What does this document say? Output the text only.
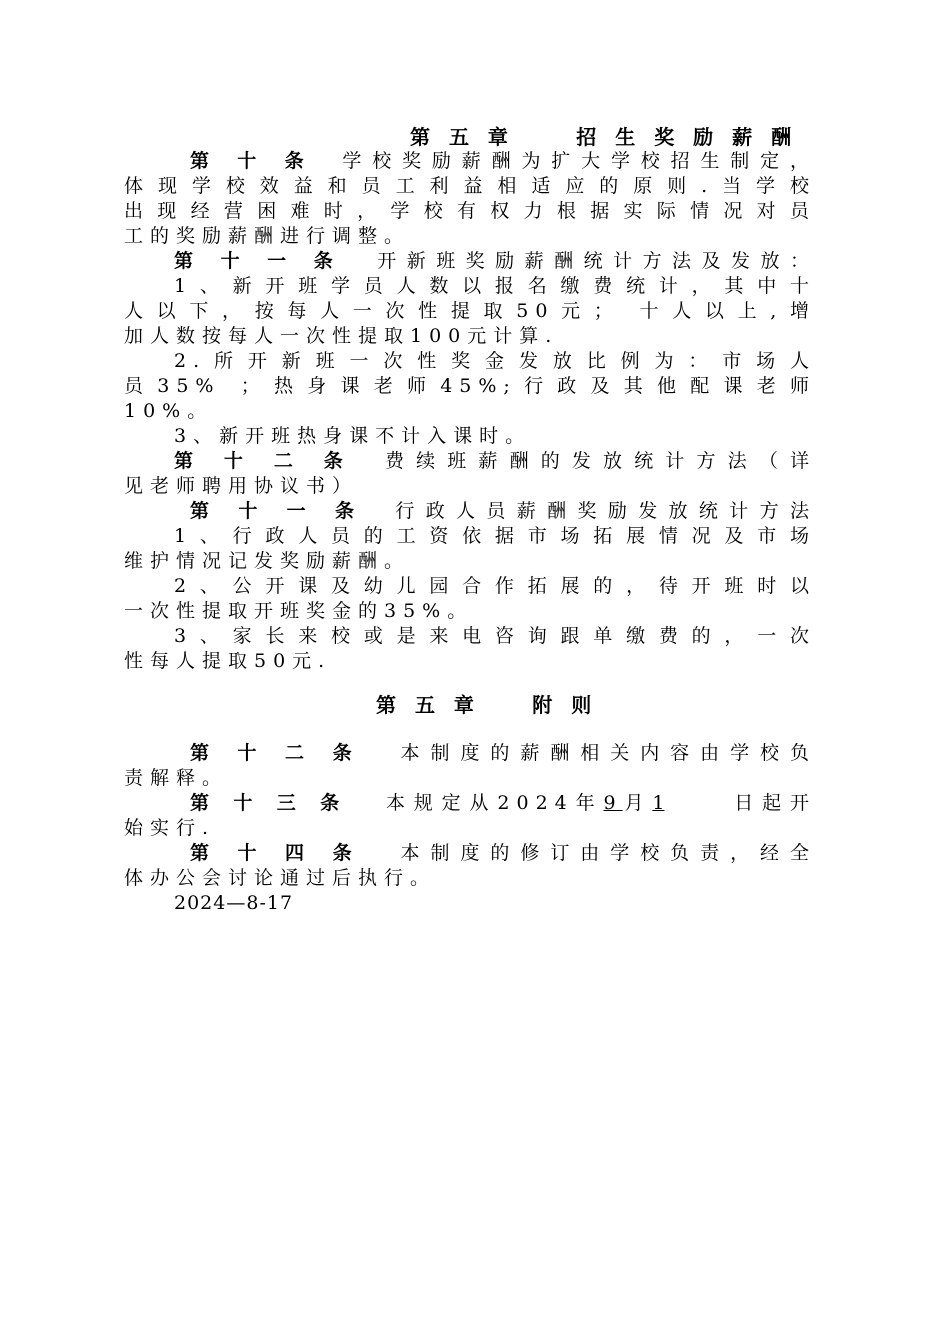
第 五 章	招 生 奖 励 薪 酬
第 十 条 学校奖励薪酬为扩大学校招生制定，
体现学校效益和员工利益相适应的原则.当学校
出现经营困难时，学校有权力根据实际情况对员
工的奖励薪酬进行调整。
第 十 一 条 开新班奖励薪酬统计方法及发放：
1、新开班学员人数以报名缴费统计，其中十
人以下，按每人一次性提取50元； 十人以上,增
加人数按每人一次性提取100元计算.
2.所开新班一次性奖金发放比例为：市场人
员35% ；热身课老师45%;行政及其他配课老师
10%。
3、新开班热身课不计入课时。
第 十 二 条 费续班薪酬的发放统计方法（详
见老师聘用协议书）
第 十 一 条 行政人员薪酬奖励发放统计方法
1、行政人员的工资依据市场拓展情况及市场
维护情况记发奖励薪酬。
2、公开课及幼儿园合作拓展的，待开班时以
一次性提取开班奖金的35%。
3、家长来校或是来电咨询跟单缴费的，一次
性每人提取50元.
第 五 章	附 则
第 十 二 条 本制度的薪酬相关内容由学校负
责解释。
第 十 三 条 本规定从2024年9月1	日起开
始实行.
第 十 四 条 本制度的修订由学校负责，经全
体办公会讨论通过后执行。
2024—8-17
